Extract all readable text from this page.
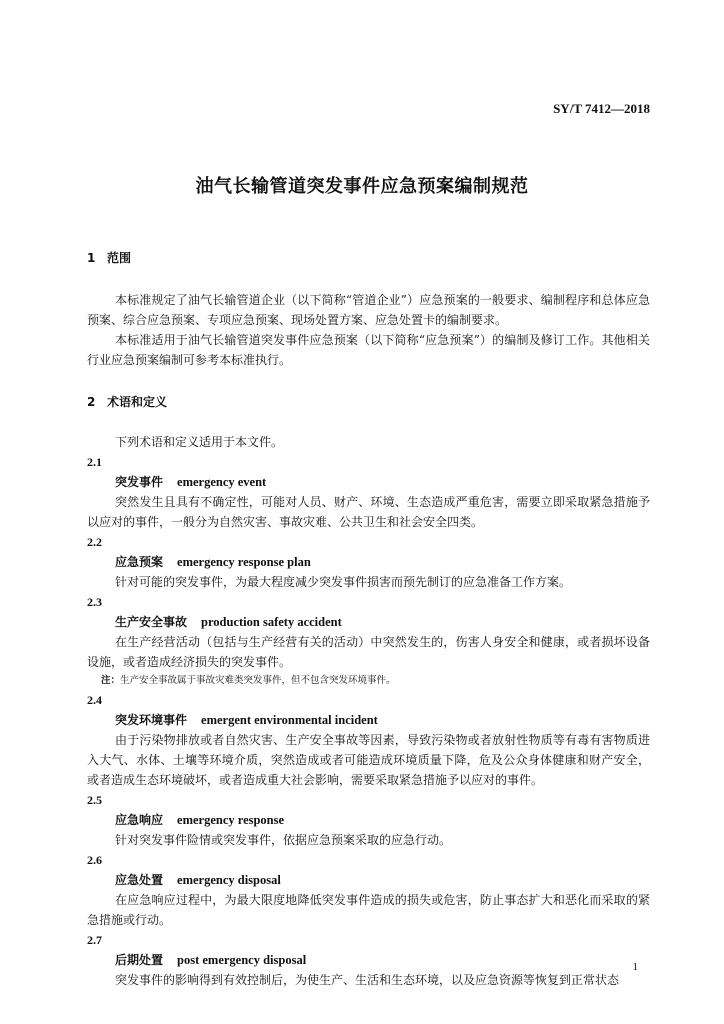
SY/T 7412—2018
油气长输管道突发事件应急预案编制规范
1 范围

本标准规定了油气长输管道企业（以下简称“管道企业”）应急预案的一般要求、编制程序和总体应急预案、综合应急预案、专项应急预案、现场处置方案、应急处置卡的编制要求。

本标准适用于油气长输管道突发事件应急预案（以下简称“应急预案”）的编制及修订工作。其他相关行业应急预案编制可参考本标准执行。

2 术语和定义

下列术语和定义适用于本文件。

2.1
突发事件 emergency event

突然发生且具有不确定性，可能对人员、财产、环境、生态造成严重危害，需要立即采取紧急措施予以应对的事件，一般分为自然灾害、事故灾难、公共卫生和社会安全四类。

2.2
应急预案 emergency response plan

针对可能的突发事件，为最大程度减少突发事件损害而预先制订的应急准备工作方案。

2.3
生产安全事故 production safety accident

在生产经营活动（包括与生产经营有关的活动）中突然发生的，伤害人身安全和健康，或者损坏设备设施，或者造成经济损失的突发事件。

注：生产安全事故属于事故灾难类突发事件，但不包含突发环境事件。
2.4
突发环境事件 emergent environmental incident

由于污染物排放或者自然灾害、生产安全事故等因素，导致污染物或者放射性物质等有毒有害物质进入大气、水体、土壤等环境介质，突然造成或者可能造成环境质量下降，危及公众身体健康和财产安全，或者造成生态环境破坏，或者造成重大社会影响，需要采取紧急措施予以应对的事件。

2.5
应急响应 emergency response

针对突发事件险情或突发事件，依据应急预案采取的应急行动。

2.6
应急处置 emergency disposal

在应急响应过程中，为最大限度地降低突发事件造成的损失或危害，防止事态扩大和恶化而采取的紧急措施或行动。

2.7
后期处置 post emergency disposal

突发事件的影响得到有效控制后，为使生产、生活和生态环境，以及应急资源等恢复到正常状态

1
